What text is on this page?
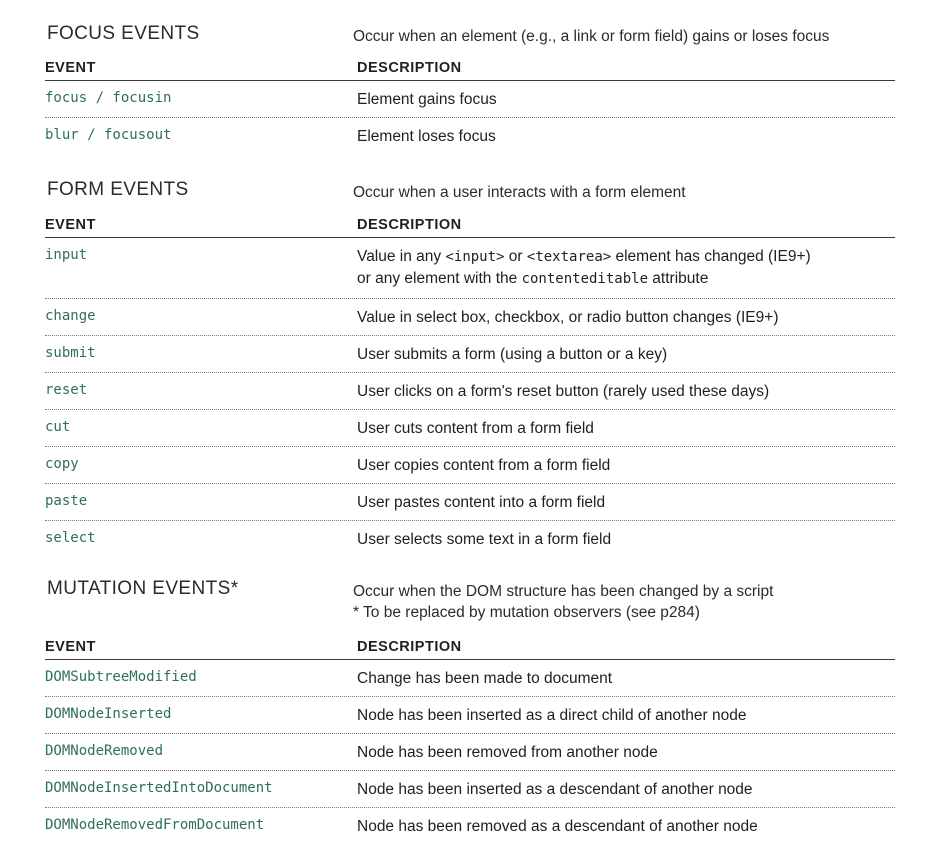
FOCUS EVENTS	Occur when an element (e.g., a link or form field) gains or loses focus
EVENT	DESCRIPTION
focus / focusin	Element gains focus
blur / focusout	Element loses focus
FORM EVENTS	Occur when a user interacts with a form element
EVENT	DESCRIPTION
input	Value in any <input> or <textarea> element has changed (IE9+)
or any element with the contenteditable attribute
change	Value in select box, checkbox, or radio button changes (IE9+)
submit	User submits a form (using a button or a key)
reset	User clicks on a form's reset button (rarely used these days)
cut	User cuts content from a form field
copy	User copies content from a form field
paste	User pastes content into a form field
select	User selects some text in a form field
MUTATION EVENTS*	Occur when the DOM structure has been changed by a script
* To be replaced by mutation observers (see p284)
EVENT	DESCRIPTION
DOMSubtreeModified	Change has been made to document
DOMNodeInserted	Node has been inserted as a direct child of another node
DOMNodeRemoved	Node has been removed from another node
DOMNodeInsertedIntoDocument	Node has been inserted as a descendant of another node
DOMNodeRemovedFromDocument	Node has been removed as a descendant of another node
